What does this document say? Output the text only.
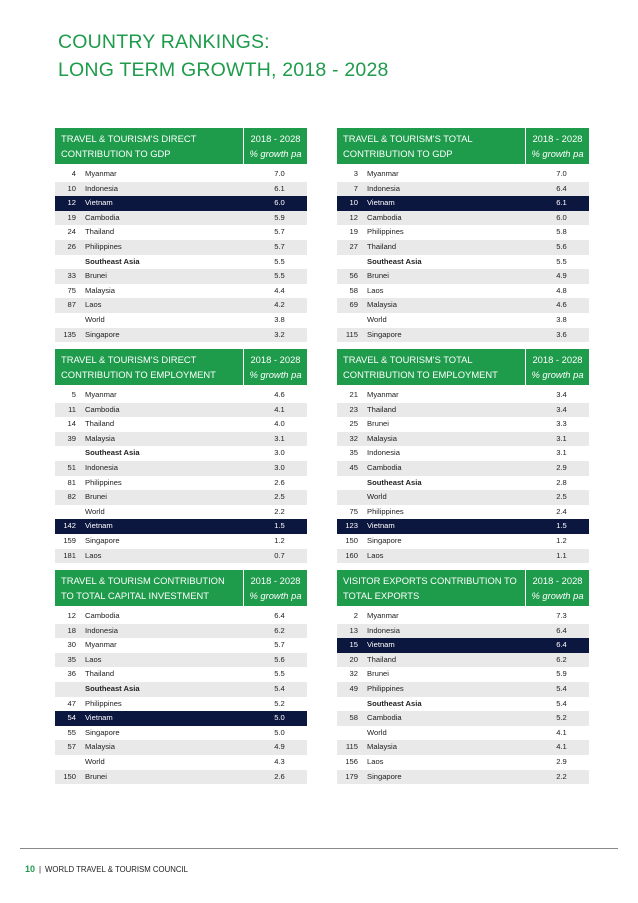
COUNTRY RANKINGS:
LONG TERM GROWTH, 2018 - 2028
TRAVEL & TOURISM'S DIRECT CONTRIBUTION TO GDP
2018 - 2028
% growth pa
4	Myanmar	7.0
10	Indonesia	6.1
12	Vietnam	6.0
19	Cambodia	5.9
24	Thailand	5.7
26	Philippines	5.7
Southeast Asia	5.5
33	Brunei	5.5
75	Malaysia	4.4
87	Laos	4.2
World	3.8
135	Singapore	3.2
TRAVEL & TOURISM'S TOTAL CONTRIBUTION TO GDP
2018 - 2028
% growth pa
3	Myanmar	7.0
7	Indonesia	6.4
10	Vietnam	6.1
12	Cambodia	6.0
19	Philippines	5.8
27	Thailand	5.6
Southeast Asia	5.5
56	Brunei	4.9
58	Laos	4.8
69	Malaysia	4.6
World	3.8
115	Singapore	3.6
TRAVEL & TOURISM'S DIRECT CONTRIBUTION TO EMPLOYMENT
2018 - 2028
% growth pa
5	Myanmar	4.6
11	Cambodia	4.1
14	Thailand	4.0
39	Malaysia	3.1
Southeast Asia	3.0
51	Indonesia	3.0
81	Philippines	2.6
82	Brunei	2.5
World	2.2
142	Vietnam	1.5
159	Singapore	1.2
181	Laos	0.7
TRAVEL & TOURISM'S TOTAL CONTRIBUTION TO EMPLOYMENT
2018 - 2028
% growth pa
21	Myanmar	3.4
23	Thailand	3.4
25	Brunei	3.3
32	Malaysia	3.1
35	Indonesia	3.1
45	Cambodia	2.9
Southeast Asia	2.8
World	2.5
75	Philippines	2.4
123	Vietnam	1.5
150	Singapore	1.2
160	Laos	1.1
TRAVEL & TOURISM CONTRIBUTION TO TOTAL CAPITAL INVESTMENT
2018 - 2028
% growth pa
12	Cambodia	6.4
18	Indonesia	6.2
30	Myanmar	5.7
35	Laos	5.6
36	Thailand	5.5
Southeast Asia	5.4
47	Philippines	5.2
54	Vietnam	5.0
55	Singapore	5.0
57	Malaysia	4.9
World	4.3
150	Brunei	2.6
VISITOR EXPORTS CONTRIBUTION TO TOTAL EXPORTS
2018 - 2028
% growth pa
2	Myanmar	7.3
13	Indonesia	6.4
15	Vietnam	6.4
20	Thailand	6.2
32	Brunei	5.9
49	Philippines	5.4
Southeast Asia	5.4
58	Cambodia	5.2
World	4.1
115	Malaysia	4.1
156	Laos	2.9
179	Singapore	2.2
10 | WORLD TRAVEL & TOURISM COUNCIL
